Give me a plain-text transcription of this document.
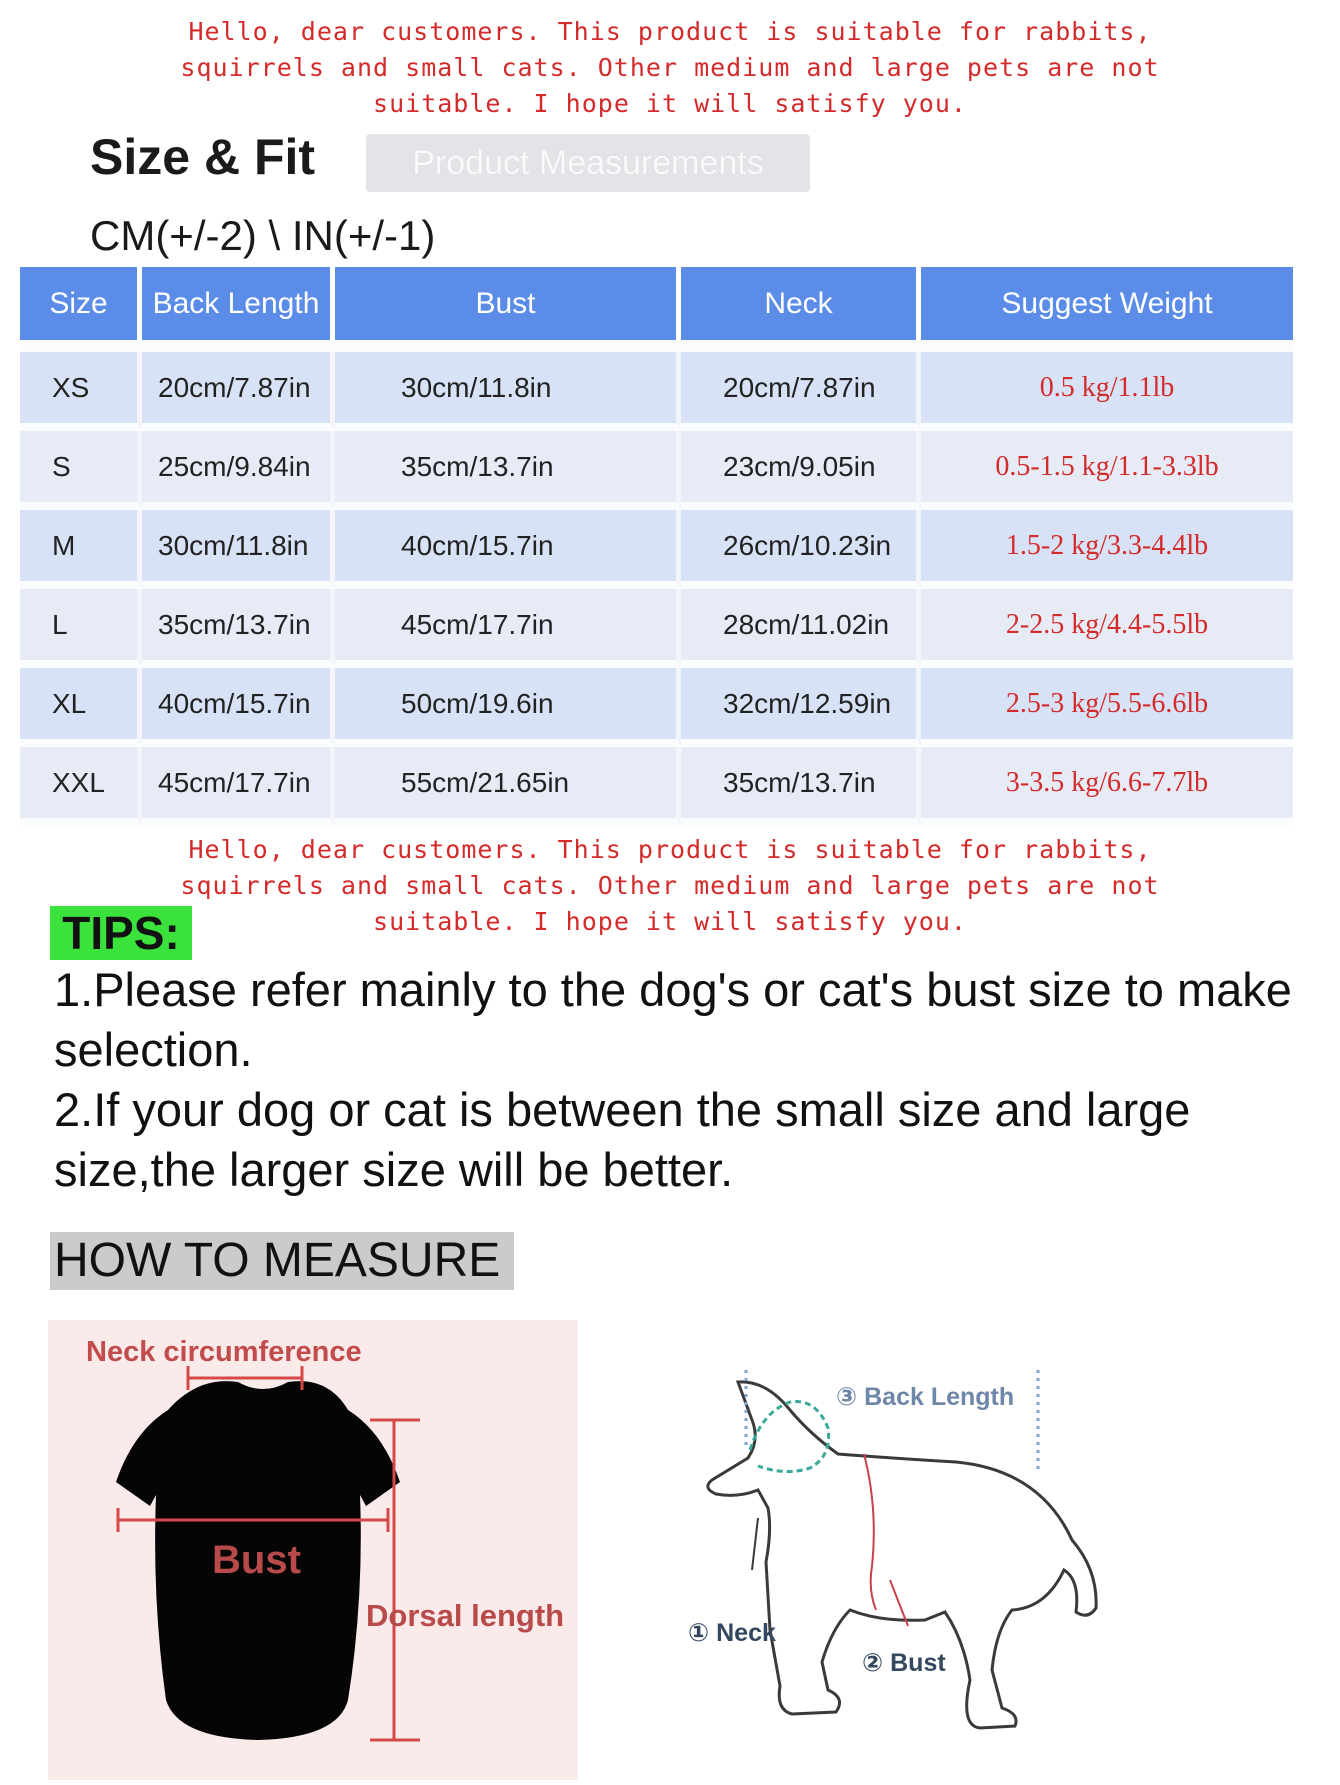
Hello, dear customers. This product is suitable for rabbits,
squirrels and small cats. Other medium and large pets are not
suitable. I hope it will satisfy you.
Size & Fit	Product Measurements
CM(+/-2) \ IN(+/-1)
Size	Back Length	Bust	Neck	Suggest Weight

XS	20cm/7.87in	30cm/11.8in	20cm/7.87in	0.5 kg/1.1lb
S	25cm/9.84in	35cm/13.7in	23cm/9.05in	0.5-1.5 kg/1.1-3.3lb
M	30cm/11.8in	40cm/15.7in	26cm/10.23in	1.5-2 kg/3.3-4.4lb
L	35cm/13.7in	45cm/17.7in	28cm/11.02in	2-2.5 kg/4.4-5.5lb
XL	40cm/15.7in	50cm/19.6in	32cm/12.59in	2.5-3 kg/5.5-6.6lb
XXL	45cm/17.7in	55cm/21.65in	35cm/13.7in	3-3.5 kg/6.6-7.7lb
Hello, dear customers. This product is suitable for rabbits,
squirrels and small cats. Other medium and large pets are not
suitable. I hope it will satisfy you.
TIPS:

1.Please refer mainly to the dog's or cat's bust size to make selection.

2.If your dog or cat is between the small size and large size,the larger size will be better.

HOW TO MEASURE
Neck circumference
Bust
Dorsal length
③ Back Length
① Neck
② Bust
